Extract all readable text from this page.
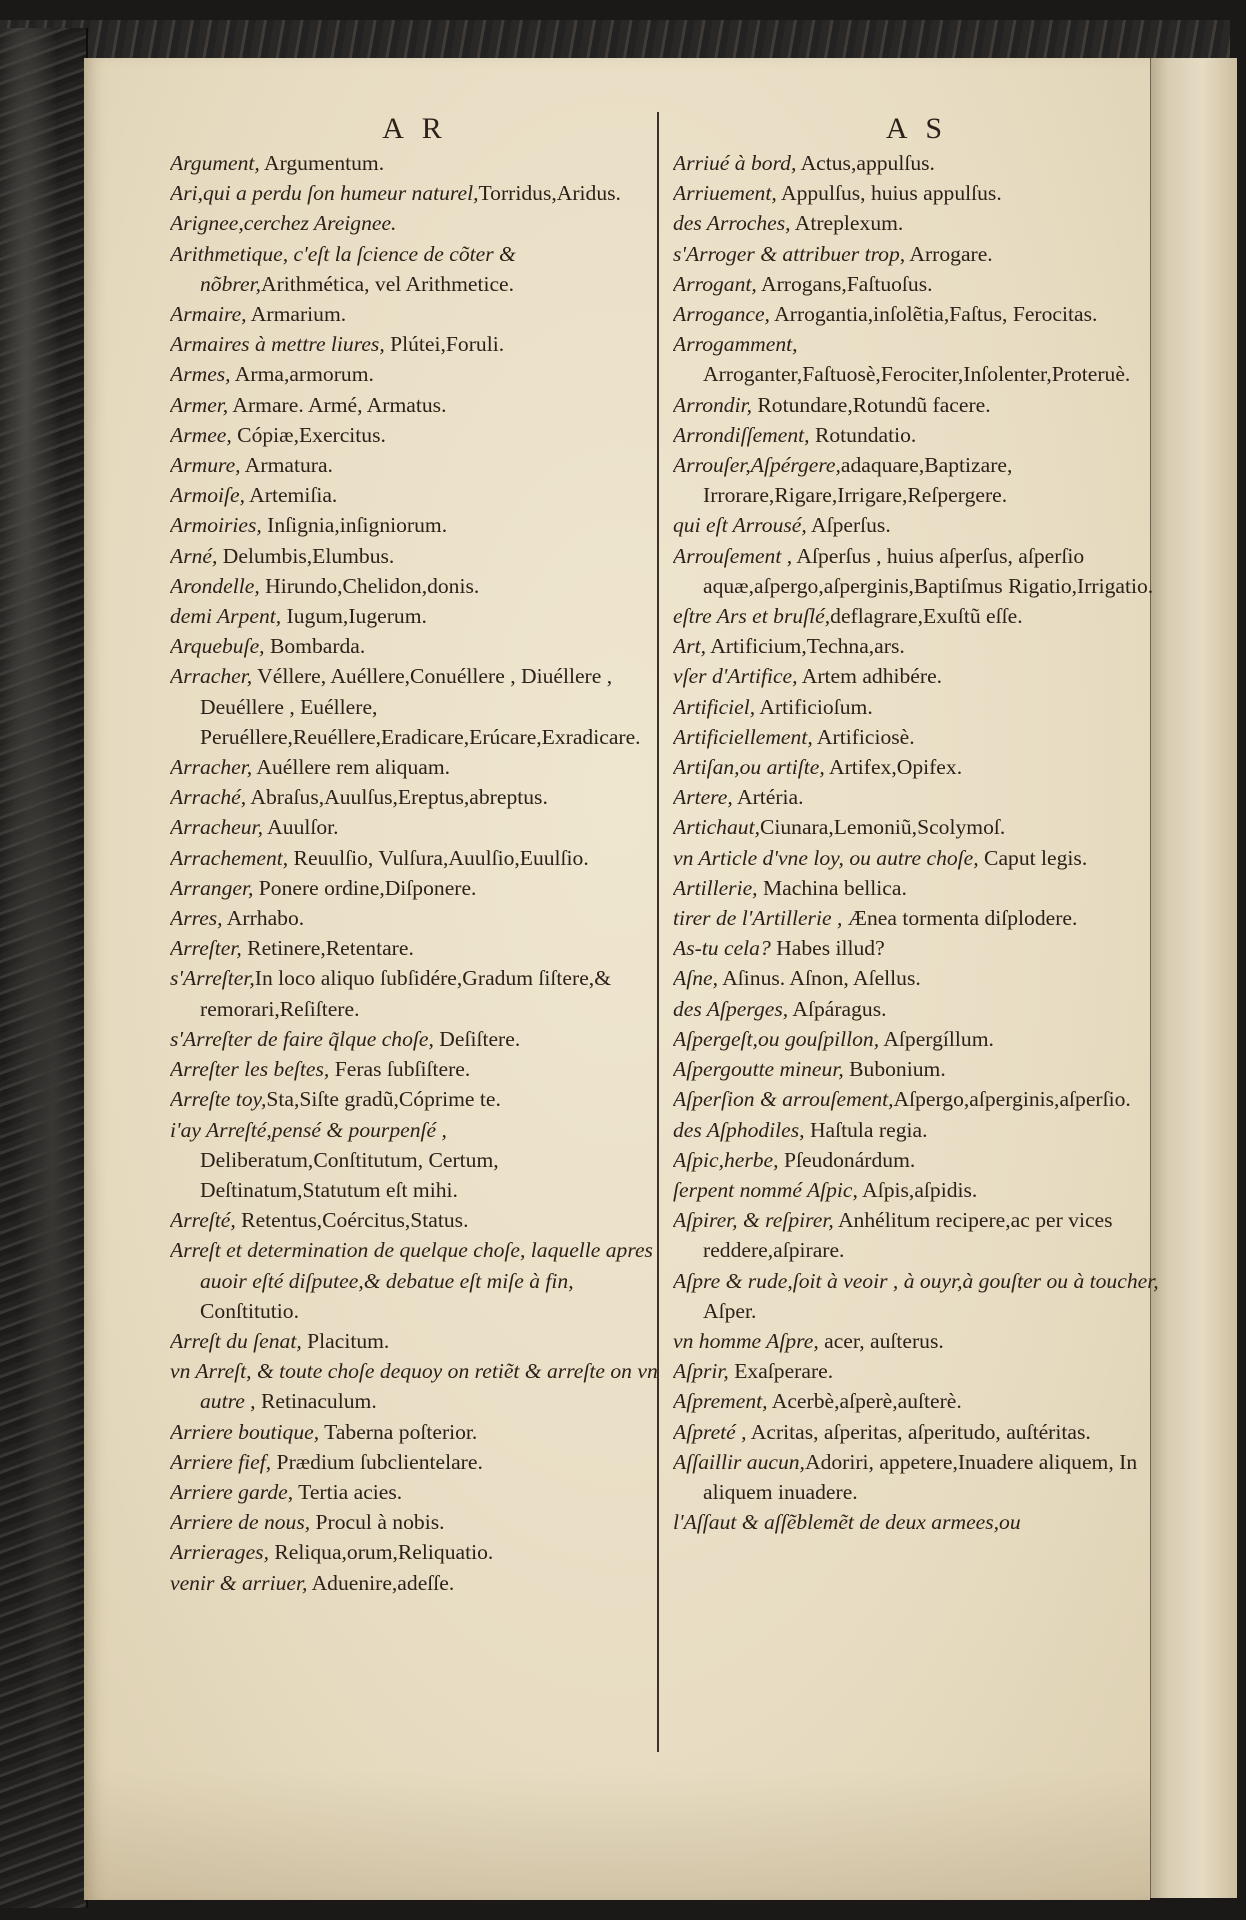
A R
Argument, Argumentum.
Ari,qui a perdu ſon humeur naturel,Torridus,Aridus.
Arignee,cerchez Areignee.
Arithmetique, c'eſt la ſcience de cõter & nõbrer,Arithmética, vel Arithmetice.
Armaire, Armarium.
Armaires à mettre liures, Plútei,Foruli.
Armes, Arma,armorum.
Armer, Armare. Armé, Armatus.
Armee, Cópiæ,Exercitus.
Armure, Armatura.
Armoiſe, Artemiſia.
Armoiries, Inſignia,inſigniorum.
Arné, Delumbis,Elumbus.
Arondelle, Hirundo,Chelidon,donis.
demi Arpent, Iugum,Iugerum.
Arquebuſe, Bombarda.
Arracher, Véllere, Auéllere,Conuéllere , Diuéllere , Deuéllere , Euéllere, Peruéllere,Reuéllere,Eradicare,Erúcare,Exradicare.
Arracher, Auéllere rem aliquam.
Arraché, Abraſus,Auulſus,Ereptus,abreptus.
Arracheur, Auulſor.
Arrachement, Reuulſio, Vulſura,Auulſio,Euulſio.
Arranger, Ponere ordine,Diſponere.
Arres, Arrhabo.
Arreſter, Retinere,Retentare.
s'Arreſter,In loco aliquo ſubſidére,Gradum ſiſtere,& remorari,Reſiſtere.
s'Arreſter de faire q̃lque choſe, Deſiſtere.
Arreſter les beſtes, Feras ſubſiſtere.
Arreſte toy,Sta,Siſte gradũ,Cóprime te.
i'ay Arreſté,pensé & pourpenſé , Deliberatum,Conſtitutum, Certum, Deſtinatum,Statutum eſt mihi.
Arreſté, Retentus,Coércitus,Status.
Arreſt et determination de quelque choſe, laquelle apres auoir eſté diſputee,& debatue eſt miſe à fin, Conſtitutio.
Arreſt du ſenat, Placitum.
vn Arreſt, & toute choſe dequoy on retiẽt & arreſte on vn autre , Retinaculum.
Arriere boutique, Taberna poſterior.
Arriere fief, Prædium ſubclientelare.
Arriere garde, Tertia acies.
Arriere de nous, Procul à nobis.
Arrierages, Reliqua,orum,Reliquatio.
venir & arriuer, Aduenire,adeſſe.
A S
Arriué à bord, Actus,appulſus.
Arriuement, Appulſus, huius appulſus.
des Arroches, Atreplexum.
s'Arroger & attribuer trop, Arrogare.
Arrogant, Arrogans,Faſtuoſus.
Arrogance, Arrogantia,inſolẽtia,Faſtus, Ferocitas.
Arrogamment, Arroganter,Faſtuosè,Ferociter,Inſolenter,Proteruè.
Arrondir, Rotundare,Rotundũ facere.
Arrondiſſement, Rotundatio.
Arrouſer,Aſpérgere,adaquare,Baptizare, Irrorare,Rigare,Irrigare,Reſpergere.
qui eſt Arrousé, Aſperſus.
Arrouſement , Aſperſus , huius aſperſus, aſperſio aquæ,aſpergo,aſperginis,Baptiſmus Rigatio,Irrigatio.
eſtre Ars et bruſlé,deflagrare,Exuſtũ eſſe.
Art, Artificium,Techna,ars.
vſer d'Artifice, Artem adhibére.
Artificiel, Artificioſum.
Artificiellement, Artificiosè.
Artiſan,ou artiſte, Artifex,Opifex.
Artere, Artéria.
Artichaut,Ciunara,Lemoniũ,Scolymoſ.
vn Article d'vne loy, ou autre choſe, Caput legis.
Artillerie, Machina bellica.
tirer de l'Artillerie , Ænea tormenta diſplodere.
As-tu cela? Habes illud?
Aſne, Aſinus. Aſnon, Aſellus.
des Aſperges, Aſpáragus.
Aſpergeſt,ou gouſpillon, Aſpergíllum.
Aſpergoutte mineur, Bubonium.
Aſperſion & arrouſement,Aſpergo,aſperginis,aſperſio.
des Aſphodiles, Haſtula regia.
Aſpic,herbe, Pſeudonárdum.
ſerpent nommé Aſpic, Aſpis,aſpidis.
Aſpirer, & reſpirer, Anhélitum recipere,ac per vices reddere,aſpirare.
Aſpre & rude,ſoit à veoir , à ouyr,à gouſter ou à toucher, Aſper.
vn homme Aſpre, acer, auſterus.
Aſprir, Exaſperare.
Aſprement, Acerbè,aſperè,auſterè.
Aſpreté , Acritas, aſperitas, aſperitudo, auſtéritas.
Aſſaillir aucun,Adoriri, appetere,Inuadere aliquem, In aliquem inuadere.
l'Aſſaut & aſſẽblemẽt de deux armees,ou
